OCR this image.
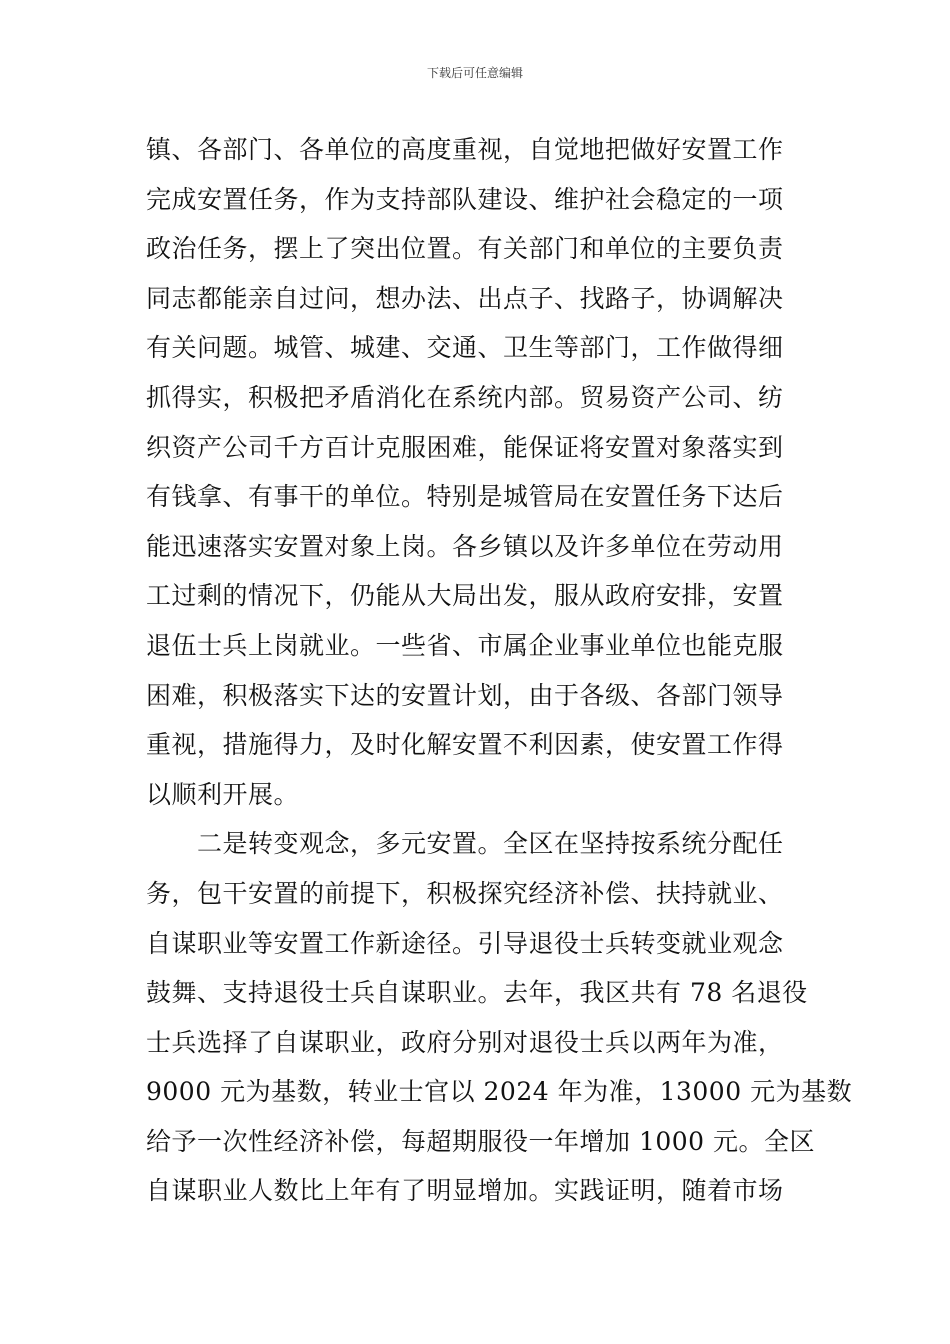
下载后可任意编辑
镇、各部门、各单位的高度重视，自觉地把做好安置工作
完成安置任务，作为支持部队建设、维护社会稳定的一项
政治任务，摆上了突出位置。有关部门和单位的主要负责
同志都能亲自过问，想办法、出点子、找路子，协调解决
有关问题。城管、城建、交通、卫生等部门，工作做得细
抓得实，积极把矛盾消化在系统内部。贸易资产公司、纺
织资产公司千方百计克服困难，能保证将安置对象落实到
有钱拿、有事干的单位。特别是城管局在安置任务下达后
能迅速落实安置对象上岗。各乡镇以及许多单位在劳动用
工过剩的情况下，仍能从大局出发，服从政府安排，安置
退伍士兵上岗就业。一些省、市属企业事业单位也能克服
困难，积极落实下达的安置计划，由于各级、各部门领导
重视，措施得力，及时化解安置不利因素，使安置工作得
以顺利开展。
　　二是转变观念，多元安置。全区在坚持按系统分配任
务，包干安置的前提下，积极探究经济补偿、扶持就业、
自谋职业等安置工作新途径。引导退役士兵转变就业观念
鼓舞、支持退役士兵自谋职业。去年，我区共有 78 名退役
士兵选择了自谋职业，政府分别对退役士兵以两年为准，
9000 元为基数，转业士官以 2024 年为准，13000 元为基数
给予一次性经济补偿，每超期服役一年增加 1000 元。全区
自谋职业人数比上年有了明显增加。实践证明，随着市场
